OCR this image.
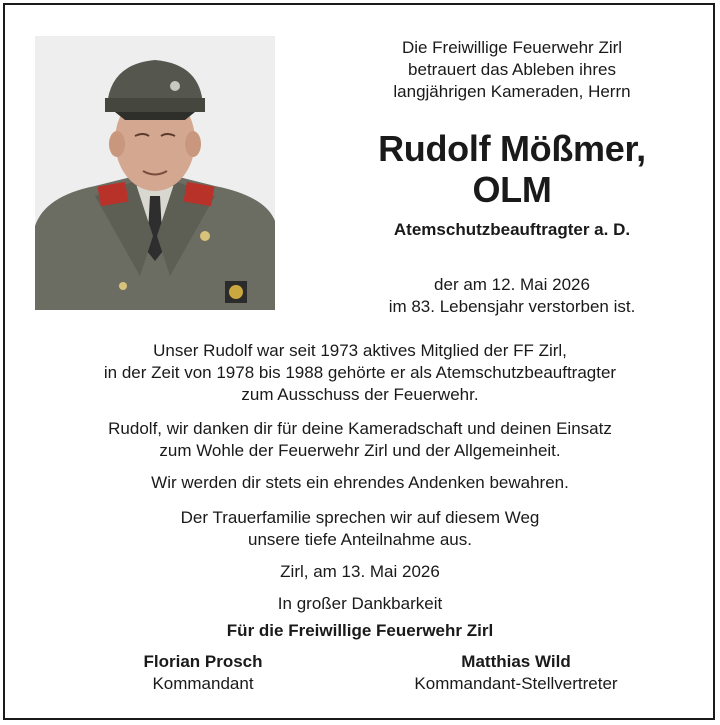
Die Freiwillige Feuerwehr Zirl
betrauert das Ableben ihres
langjährigen Kameraden, Herrn
Rudolf Mößmer,
OLM
Atemschutzbeauftragter a. D.
der am 12. Mai 2026
im 83. Lebensjahr verstorben ist.
Unser Rudolf war seit 1973 aktives Mitglied der FF Zirl,
in der Zeit von 1978 bis 1988 gehörte er als Atemschutzbeauftragter
zum Ausschuss der Feuerwehr.
Rudolf, wir danken dir für deine Kameradschaft und deinen Einsatz
zum Wohle der Feuerwehr Zirl und der Allgemeinheit.
Wir werden dir stets ein ehrendes Andenken bewahren.
Der Trauerfamilie sprechen wir auf diesem Weg
unsere tiefe Anteilnahme aus.
Zirl, am 13. Mai 2026
In großer Dankbarkeit
Für die Freiwillige Feuerwehr Zirl
Florian Prosch
Kommandant
Matthias Wild
Kommandant-Stellvertreter
